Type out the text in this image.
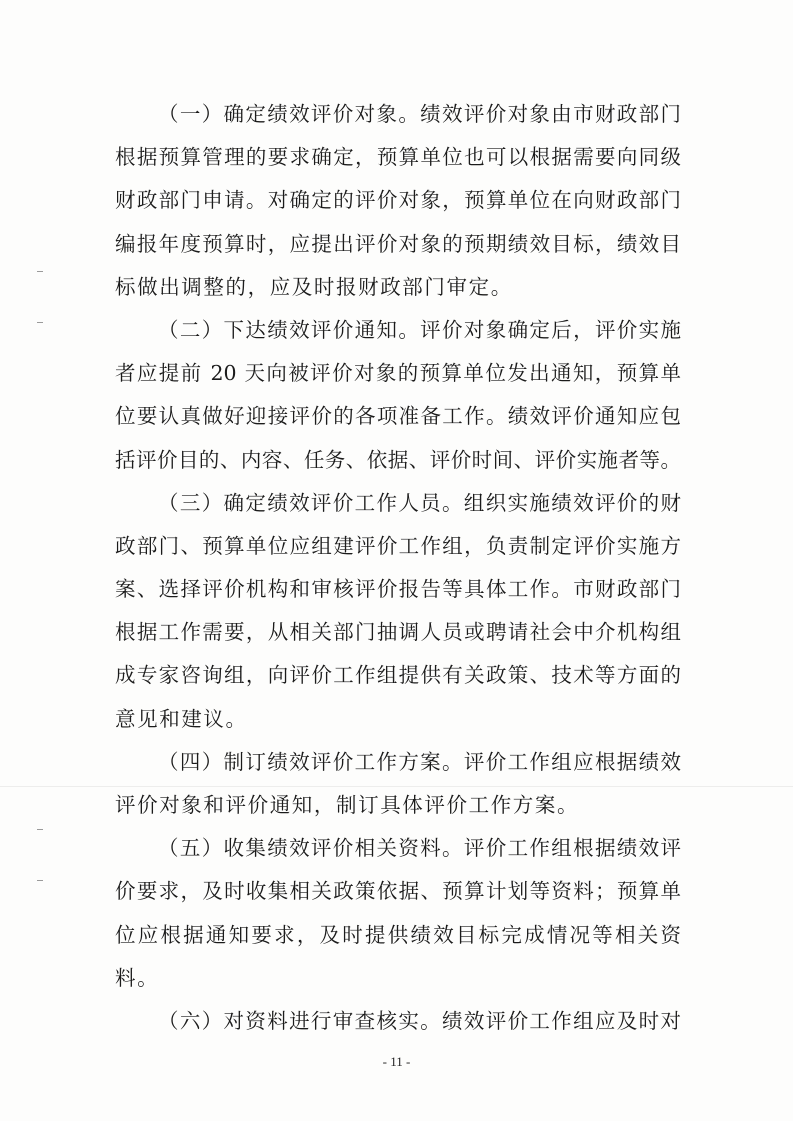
（一）确定绩效评价对象。绩效评价对象由市财政部门
根据预算管理的要求确定，预算单位也可以根据需要向同级
财政部门申请。对确定的评价对象，预算单位在向财政部门
编报年度预算时，应提出评价对象的预期绩效目标，绩效目
标做出调整的，应及时报财政部门审定。
（二）下达绩效评价通知。评价对象确定后，评价实施
者应提前 20 天向被评价对象的预算单位发出通知，预算单
位要认真做好迎接评价的各项准备工作。绩效评价通知应包
括评价目的、内容、任务、依据、评价时间、评价实施者等。
（三）确定绩效评价工作人员。组织实施绩效评价的财
政部门、预算单位应组建评价工作组，负责制定评价实施方
案、选择评价机构和审核评价报告等具体工作。市财政部门
根据工作需要，从相关部门抽调人员或聘请社会中介机构组
成专家咨询组，向评价工作组提供有关政策、技术等方面的
意见和建议。
（四）制订绩效评价工作方案。评价工作组应根据绩效
评价对象和评价通知，制订具体评价工作方案。
（五）收集绩效评价相关资料。评价工作组根据绩效评
价要求，及时收集相关政策依据、预算计划等资料；预算单
位应根据通知要求，及时提供绩效目标完成情况等相关资
料。
（六）对资料进行审查核实。绩效评价工作组应及时对
- 11 -
